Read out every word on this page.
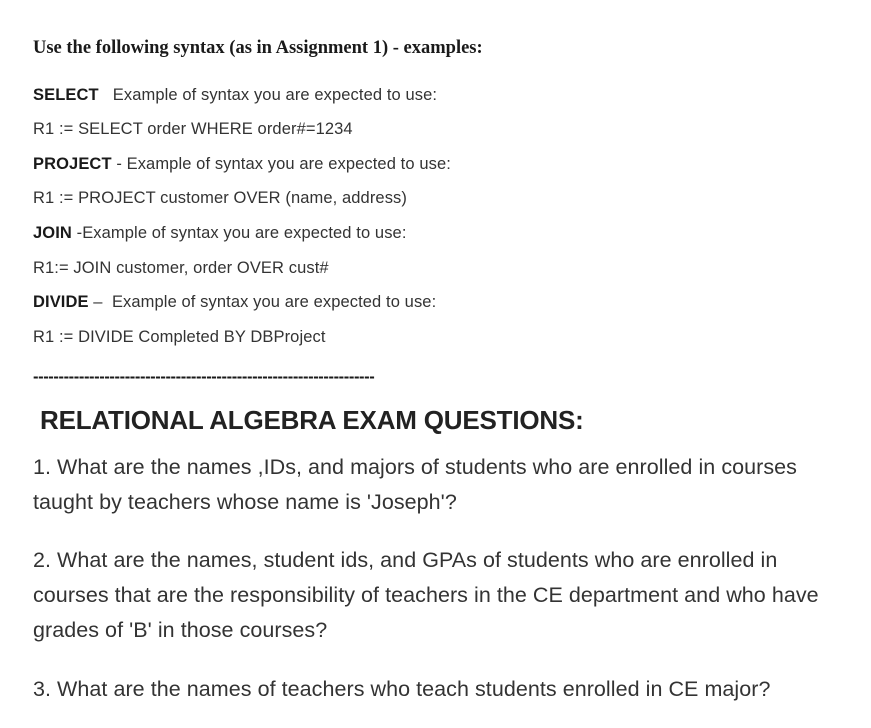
Use the following syntax (as in Assignment 1) - examples:
SELECT   Example of syntax you are expected to use:
R1 := SELECT order WHERE order#=1234
PROJECT - Example of syntax you are expected to use:
R1 := PROJECT customer OVER (name, address)
JOIN -Example of syntax you are expected to use:
R1:= JOIN customer, order OVER cust#
DIVIDE –  Example of syntax you are expected to use:
R1 := DIVIDE Completed BY DBProject
-------------------------------------------------------------------
RELATIONAL ALGEBRA EXAM QUESTIONS:
1. What are the names ,IDs, and majors of students who are enrolled in courses
taught by teachers whose name is 'Joseph'?
2. What are the names, student ids, and GPAs of students who are enrolled in
courses that are the responsibility of teachers in the CE department and who have
grades of 'B' in those courses?
3. What are the names of teachers who teach students enrolled in CE major?
